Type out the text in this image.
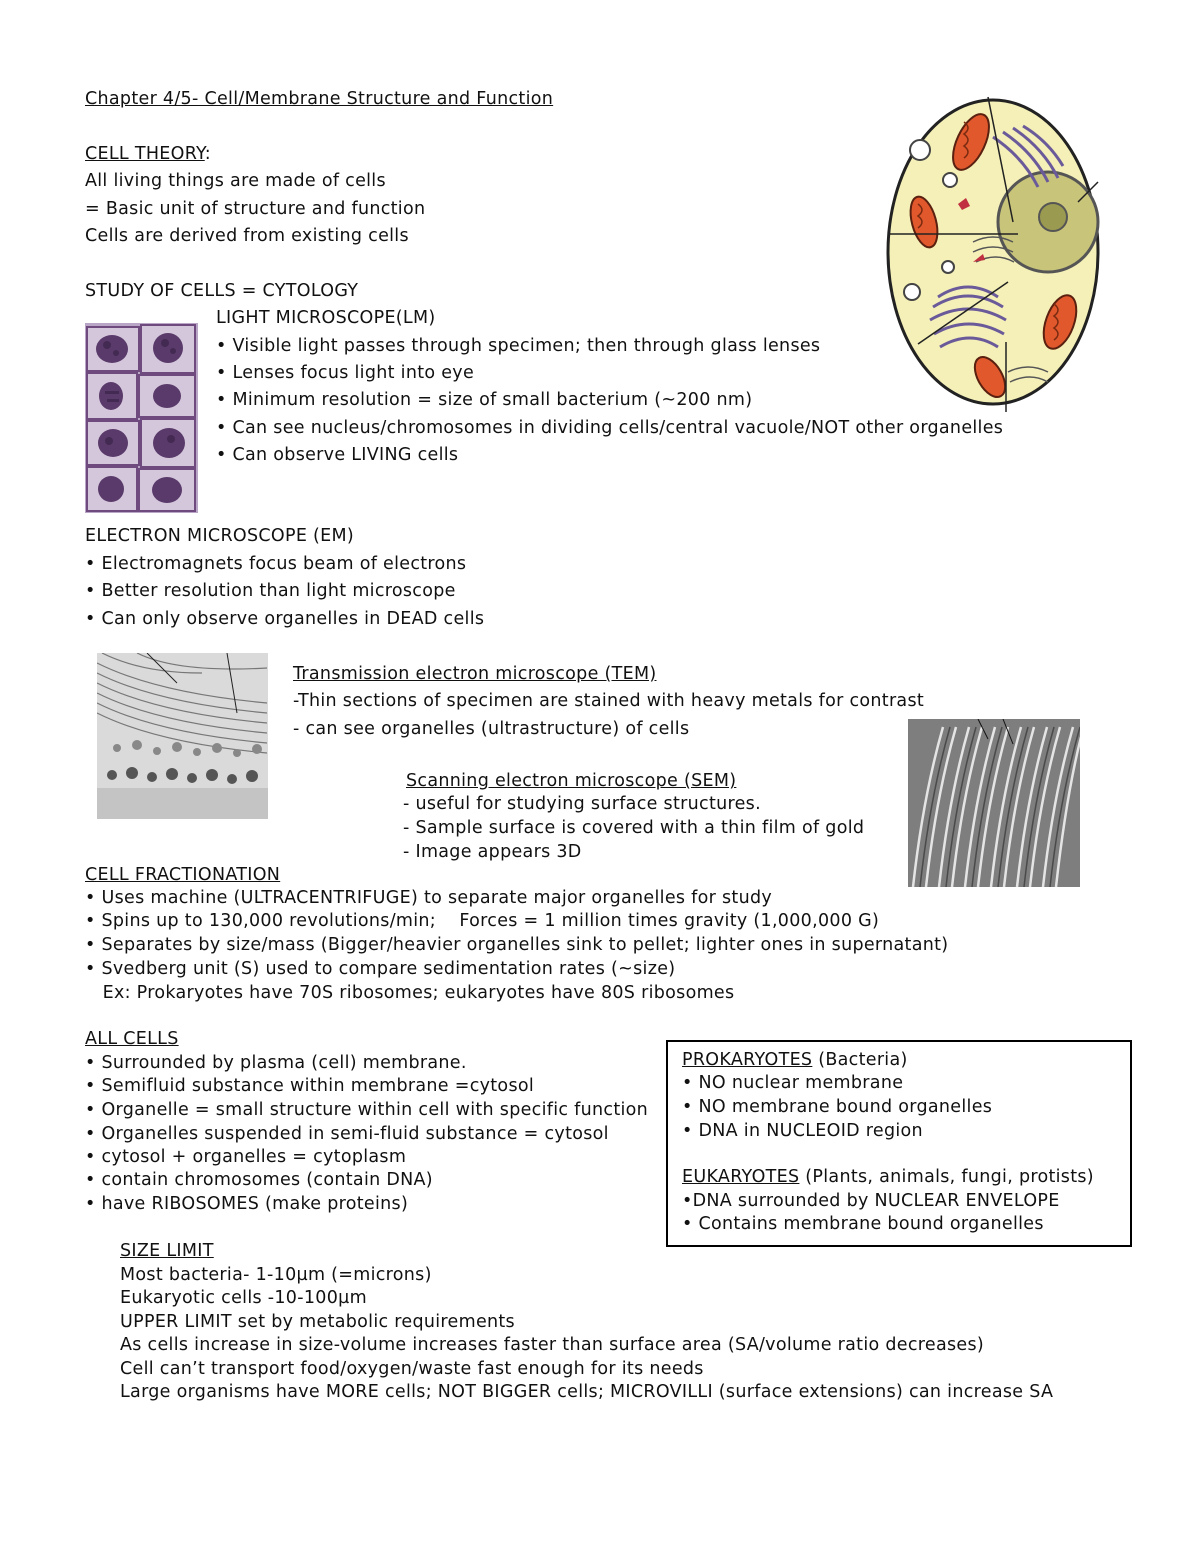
Chapter 4/5- Cell/Membrane Structure and Function
CELL THEORY:
All living things are made of cells
= Basic unit of structure and function
Cells are derived from existing cells
STUDY OF CELLS = CYTOLOGY
LIGHT MICROSCOPE(LM)
• Visible light passes through specimen; then through glass lenses
• Lenses focus light into eye
• Minimum resolution = size of small bacterium (~200 nm)
• Can see nucleus/chromosomes in dividing cells/central vacuole/NOT other organelles
• Can observe LIVING cells
ELECTRON MICROSCOPE (EM)
• Electromagnets focus beam of electrons
• Better resolution than light microscope
• Can only observe organelles in DEAD cells
Transmission electron microscope (TEM)
-Thin sections of specimen are stained with heavy metals for contrast
- can see organelles (ultrastructure) of cells
Scanning electron microscope (SEM)
- useful for studying surface structures.
- Sample surface is covered with a thin film of gold
- Image appears 3D
CELL FRACTIONATION
• Uses machine (ULTRACENTRIFUGE) to separate major organelles for study
• Spins up to 130,000 revolutions/min;    Forces = 1 million times gravity (1,000,000 G)
• Separates by size/mass (Bigger/heavier organelles sink to pellet; lighter ones in supernatant)
• Svedberg unit (S) used to compare sedimentation rates (~size)
Ex: Prokaryotes have 70S ribosomes; eukaryotes have 80S ribosomes
ALL CELLS
• Surrounded by plasma (cell) membrane.
• Semifluid substance within membrane =cytosol
• Organelle = small structure within cell with specific function
• Organelles suspended in semi-fluid substance = cytosol
• cytosol + organelles = cytoplasm
• contain chromosomes (contain DNA)
• have RIBOSOMES (make proteins)
PROKARYOTES (Bacteria)
• NO nuclear membrane
• NO membrane bound organelles
• DNA in NUCLEOID region
EUKARYOTES (Plants, animals, fungi, protists)
•DNA surrounded by NUCLEAR ENVELOPE
• Contains membrane bound organelles
SIZE LIMIT
Most bacteria- 1-10µm (=microns)
Eukaryotic cells -10-100µm
UPPER LIMIT set by metabolic requirements
As cells increase in size-volume increases faster than surface area (SA/volume ratio decreases)
Cell can’t transport food/oxygen/waste fast enough for its needs
Large organisms have MORE cells; NOT BIGGER cells; MICROVILLI (surface extensions) can increase SA
